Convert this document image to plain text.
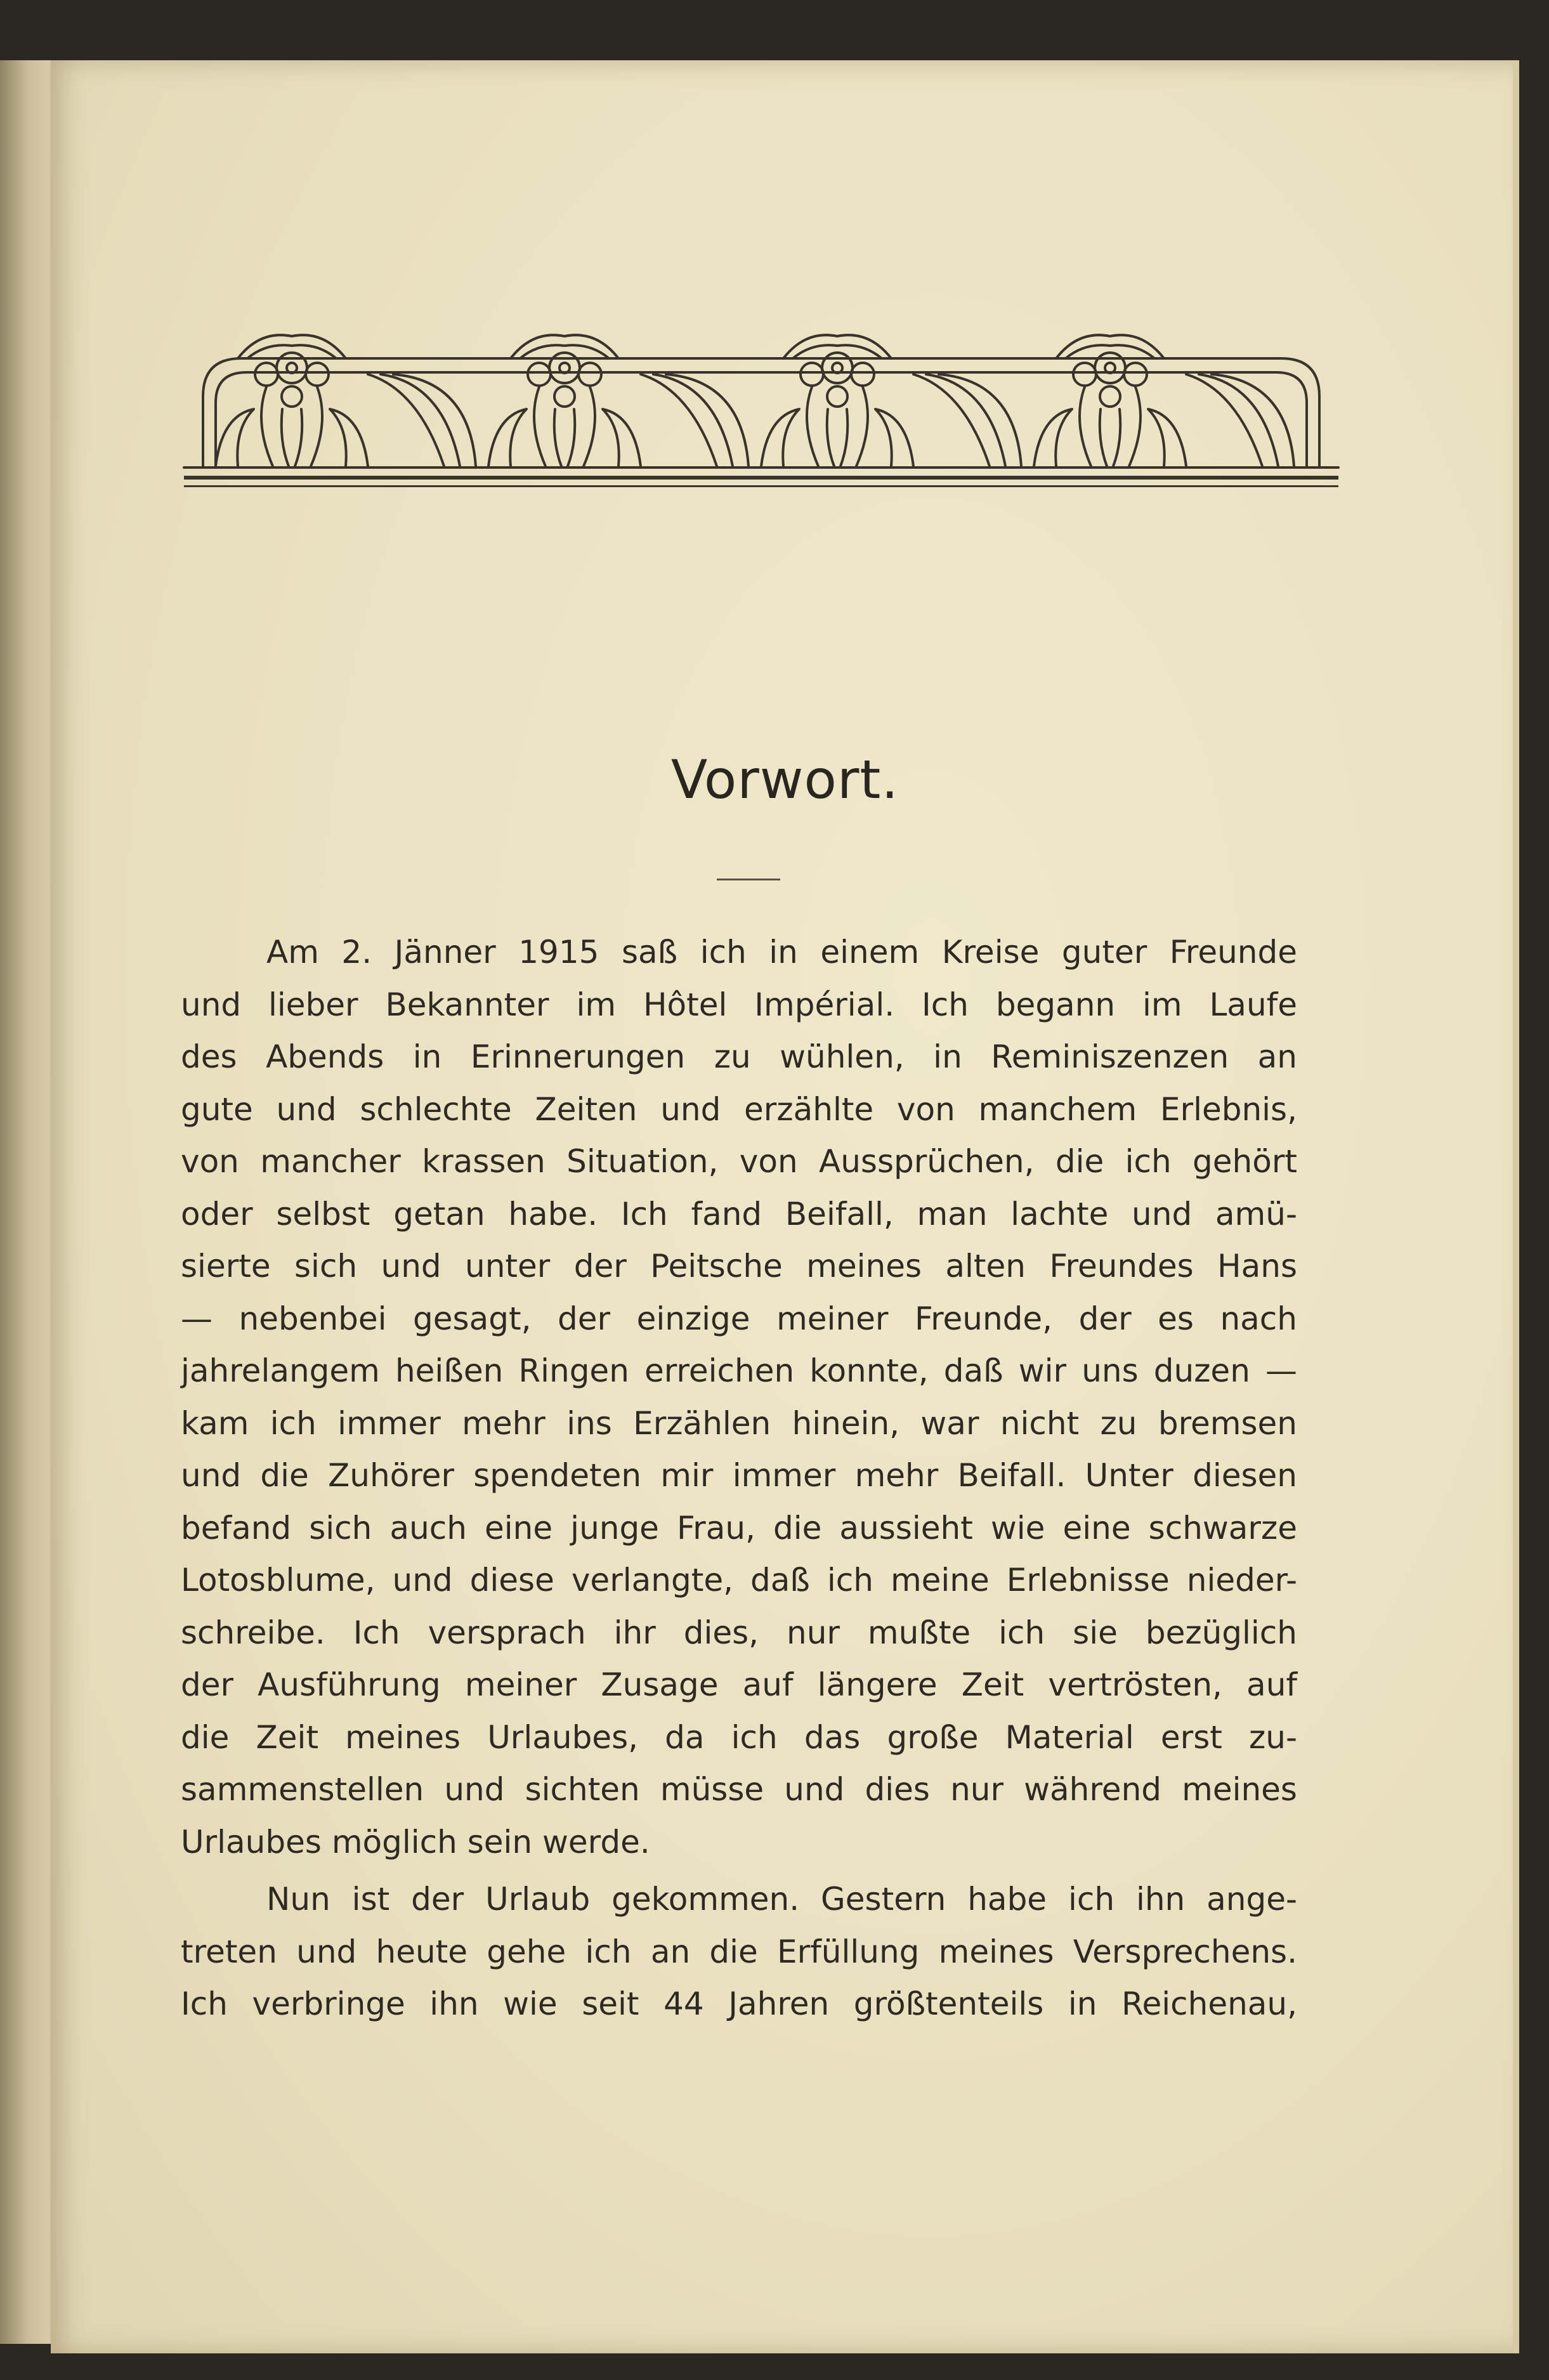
Vorwort.
Am 2. Jänner 1915 saß ich in einem Kreise guter Freunde
und lieber Bekannter im Hôtel Impérial. Ich begann im Laufe
des Abends in Erinnerungen zu wühlen, in Reminiszenzen an
gute und schlechte Zeiten und erzählte von manchem Erlebnis,
von mancher krassen Situation, von Aussprüchen, die ich gehört
oder selbst getan habe. Ich fand Beifall, man lachte und amü-
sierte sich und unter der Peitsche meines alten Freundes Hans
— nebenbei gesagt, der einzige meiner Freunde, der es nach
jahrelangem heißen Ringen erreichen konnte, daß wir uns duzen —
kam ich immer mehr ins Erzählen hinein, war nicht zu bremsen
und die Zuhörer spendeten mir immer mehr Beifall. Unter diesen
befand sich auch eine junge Frau, die aussieht wie eine schwarze
Lotosblume, und diese verlangte, daß ich meine Erlebnisse nieder-
schreibe. Ich versprach ihr dies, nur mußte ich sie bezüglich
der Ausführung meiner Zusage auf längere Zeit vertrösten, auf
die Zeit meines Urlaubes, da ich das große Material erst zu-
sammenstellen und sichten müsse und dies nur während meines
Urlaubes möglich sein werde.
Nun ist der Urlaub gekommen. Gestern habe ich ihn ange-
treten und heute gehe ich an die Erfüllung meines Versprechens.
Ich verbringe ihn wie seit 44 Jahren größtenteils in Reichenau,
